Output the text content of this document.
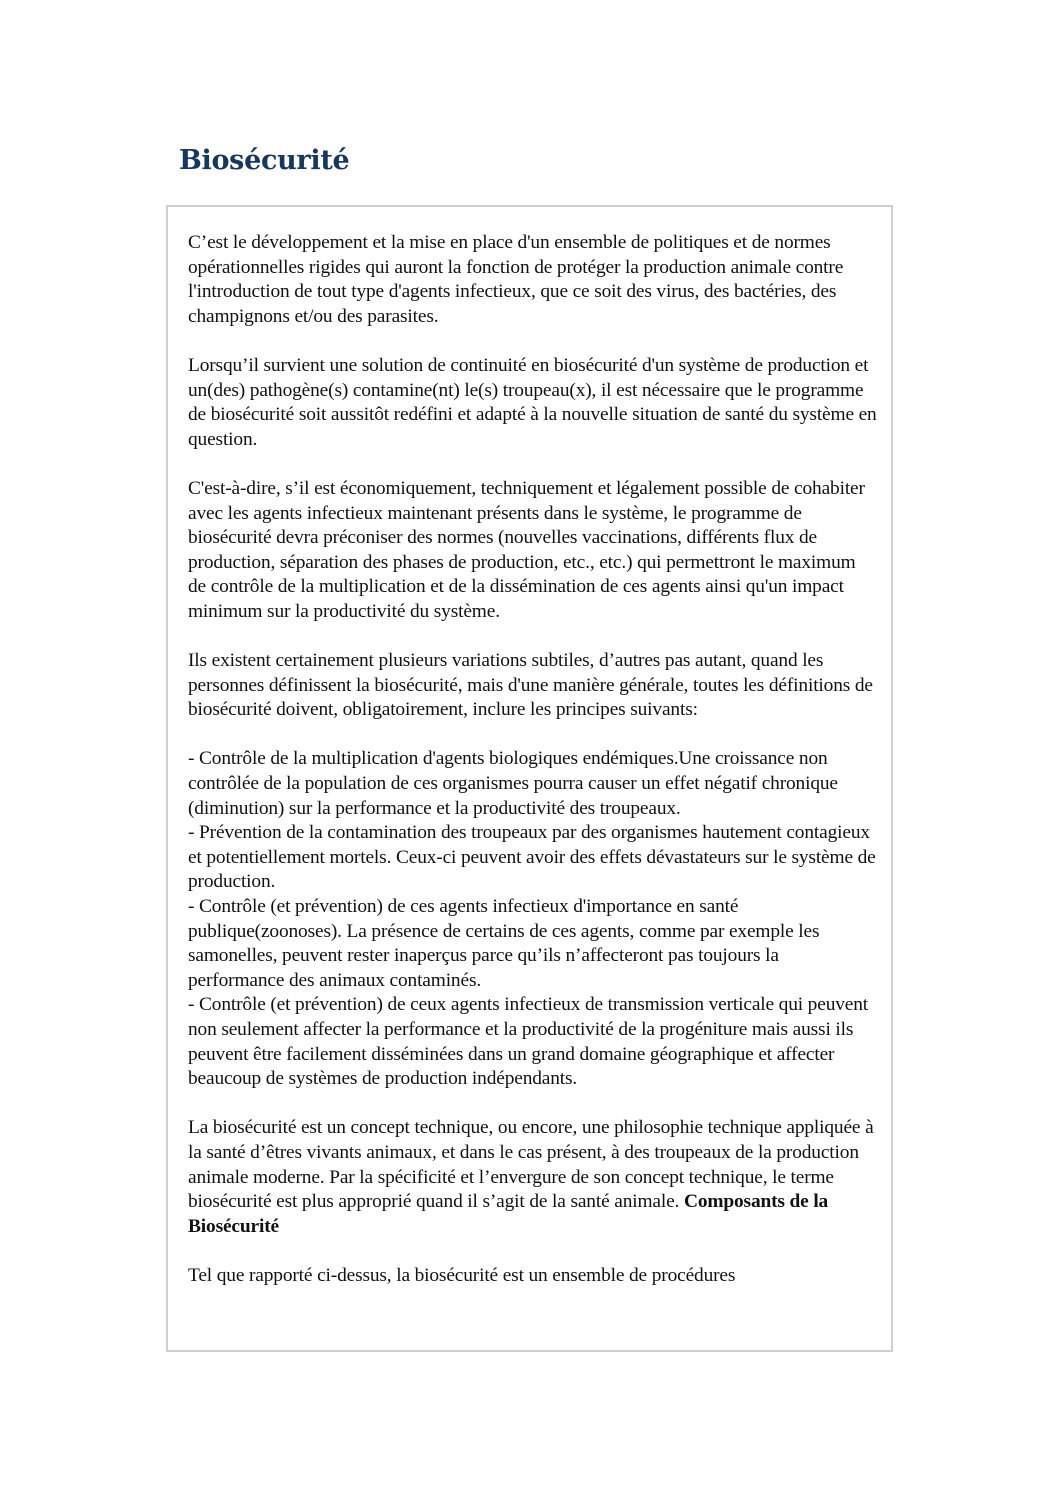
Biosécurité

C’est le développement et la mise en place d'un ensemble de politiques et de normes opérationnelles rigides qui auront la fonction de protéger la production animale contre l'introduction de tout type d'agents infectieux, que ce soit des virus, des bactéries, des champignons et/ou des parasites.

Lorsqu’il survient une solution de continuité en biosécurité d'un système de production et un(des) pathogène(s) contamine(nt) le(s) troupeau(x), il est nécessaire que le programme de biosécurité soit aussitôt redéfini et adapté à la nouvelle situation de santé du système en question.

C'est-à-dire, s’il est économiquement, techniquement et légalement possible de cohabiter avec les agents infectieux maintenant présents dans le système, le programme de biosécurité devra préconiser des normes (nouvelles vaccinations, différents flux de production, séparation des phases de production, etc., etc.) qui permettront le maximum de contrôle de la multiplication et de la dissémination de ces agents ainsi qu'un impact minimum sur la productivité du système.

Ils existent certainement plusieurs variations subtiles, d’autres pas autant, quand les personnes définissent la biosécurité, mais d'une manière générale, toutes les définitions de biosécurité doivent, obligatoirement, inclure les principes suivants:

- Contrôle de la multiplication d'agents biologiques endémiques.Une croissance non contrôlée de la population de ces organismes pourra causer un effet négatif chronique (diminution) sur la performance et la productivité des troupeaux.
- Prévention de la contamination des troupeaux par des organismes hautement contagieux et potentiellement mortels. Ceux-ci peuvent avoir des effets dévastateurs sur le système de production.
- Contrôle (et prévention) de ces agents infectieux d'importance en santé publique(zoonoses). La présence de certains de ces agents, comme par exemple les samonelles, peuvent rester inaperçus parce qu’ils n’affecteront pas toujours la performance des animaux contaminés.
- Contrôle (et prévention) de ceux agents infectieux de transmission verticale qui peuvent non seulement affecter la performance et la productivité de la progéniture mais aussi ils peuvent être facilement disséminées dans un grand domaine géographique et affecter beaucoup de systèmes de production indépendants.

La biosécurité est un concept technique, ou encore, une philosophie technique appliquée à la santé d’êtres vivants animaux, et dans le cas présent, à des troupeaux de la production animale moderne. Par la spécificité et l’envergure de son concept technique, le terme biosécurité est plus approprié quand il s’agit de la santé animale. Composants de la Biosécurité

Tel que rapporté ci-dessus, la biosécurité est un ensemble de procédures
